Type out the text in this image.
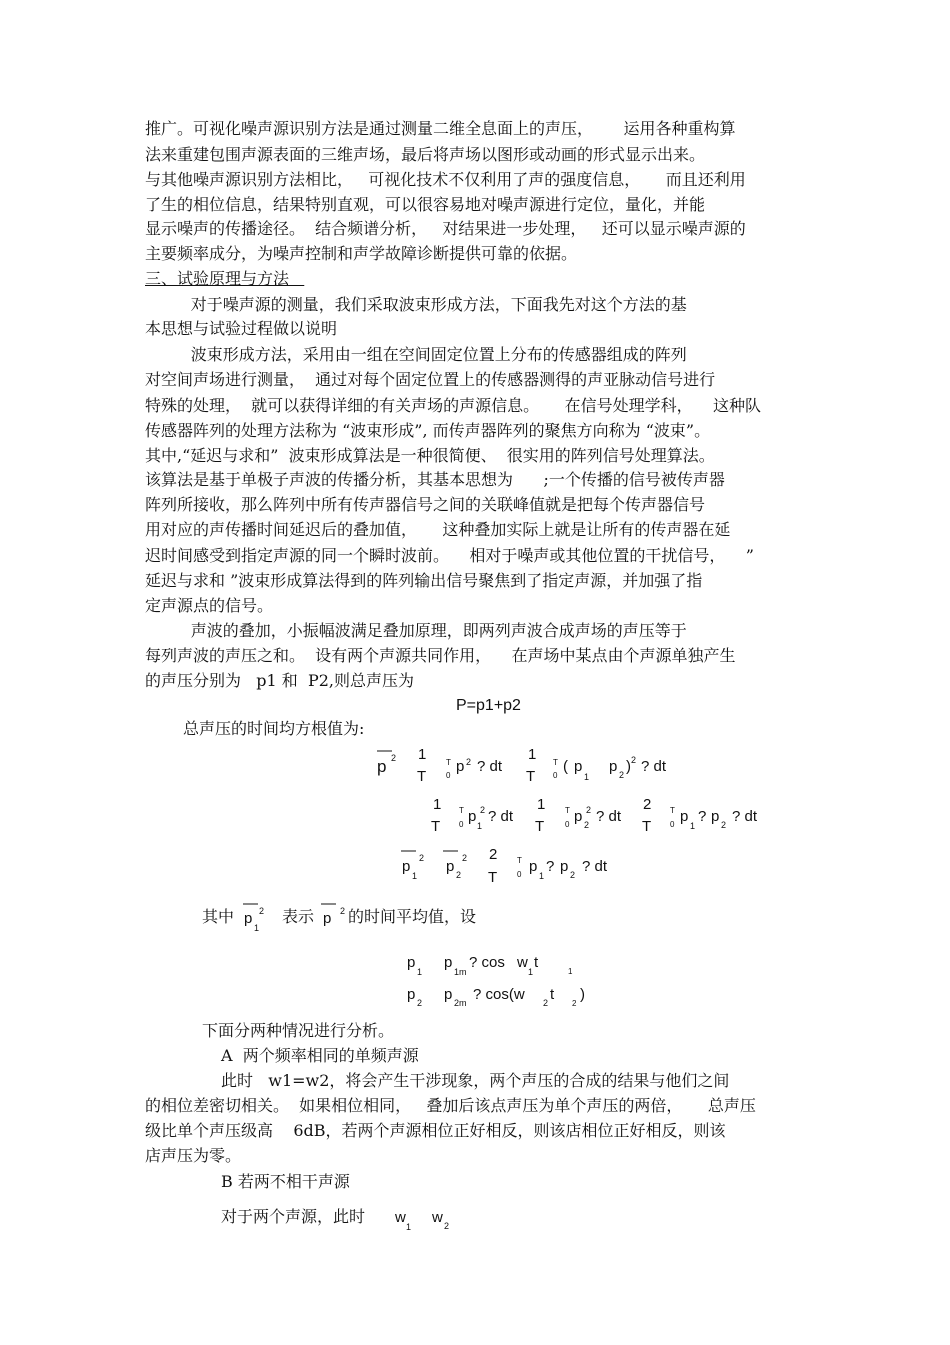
推广。可视化噪声源识别方法是通过测量二维全息面上的声压，      运用各种重构算
法来重建包围声源表面的三维声场，最后将声场以图形或动画的形式显示出来。
与其他噪声源识别方法相比，   可视化技术不仅利用了声的强度信息，     而且还利用
了生的相位信息，结果特别直观，可以很容易地对噪声源进行定位，量化，并能
显示噪声的传播途径。  结合频谱分析，   对结果进一步处理，   还可以显示噪声源的
主要频率成分，为噪声控制和声学故障诊断提供可靠的依据。
三、试验原理与方法
对于噪声源的测量，我们采取波束形成方法，下面我先对这个方法的基
本思想与试验过程做以说明
波束形成方法，采用由一组在空间固定位置上分布的传感器组成的阵列
对空间声场进行测量，  通过对每个固定位置上的传感器测得的声亚脉动信号进行
特殊的处理，  就可以获得详细的有关声场的声源信息。     在信号处理学科，    这种队
传感器阵列的处理方法称为 “波束形成”, 而传声器阵列的聚焦方向称为 “波束”。
其中,“延迟与求和”  波束形成算法是一种很简便、  很实用的阵列信号处理算法。
该算法是基于单极子声波的传播分析，其基本思想为      ;一个传播的信号被传声器
阵列所接收，那么阵列中所有传声器信号之间的关联峰值就是把每个传声器信号
用对应的声传播时间延迟后的叠加值，     这种叠加实际上就是让所有的传声器在延
迟时间感受到指定声源的同一个瞬时波前。    相对于噪声或其他位置的干扰信号，    ”
延迟与求和 ”波束形成算法得到的阵列输出信号聚焦到了指定声源，并加强了指
定声源点的信号。
声波的叠加，小振幅波满足叠加原理，即两列声波合成声场的声压等于
每列声波的声压之和。  设有两个声源共同作用，    在声场中某点由个声源单独产生
的声压分别为   p1 和  P2,则总声压为
P=p1+p2
总声压的时间均方根值为:
—
p 2 1
T
T
0
p 2 ? dt
1
T
T
0
( p
1
p 2 ) 2 ? dt
1
T
T
0 p 2
1
? dt
1
T
T
0 p 2
2 ? dt
2
T
T
0 p
1
? p 2 ? dt
—
p
1
2 —
p 2
2 2
T
T
0 p
1
? p 2 ? dt
其中
—
p
1
2 表示
—
p 2 的时间平均值，设
p
1
p
1m
? cos w
1
t
1
p 2 p 2m ? cos(w 2 t
2
)
下面分两种情况进行分析。
A  两个频率相同的单频声源
此时   w1=w2，将会产生干涉现象，两个声压的合成的结果与他们之间
的相位差密切相关。  如果相位相同，   叠加后该点声压为单个声压的两倍，     总声压
级比单个声压级高    6dB，若两个声源相位正好相反，则该店相位正好相反，则该
店声压为零。
B 若两不相干声源
对于两个声源，此时 w
1
w 2
